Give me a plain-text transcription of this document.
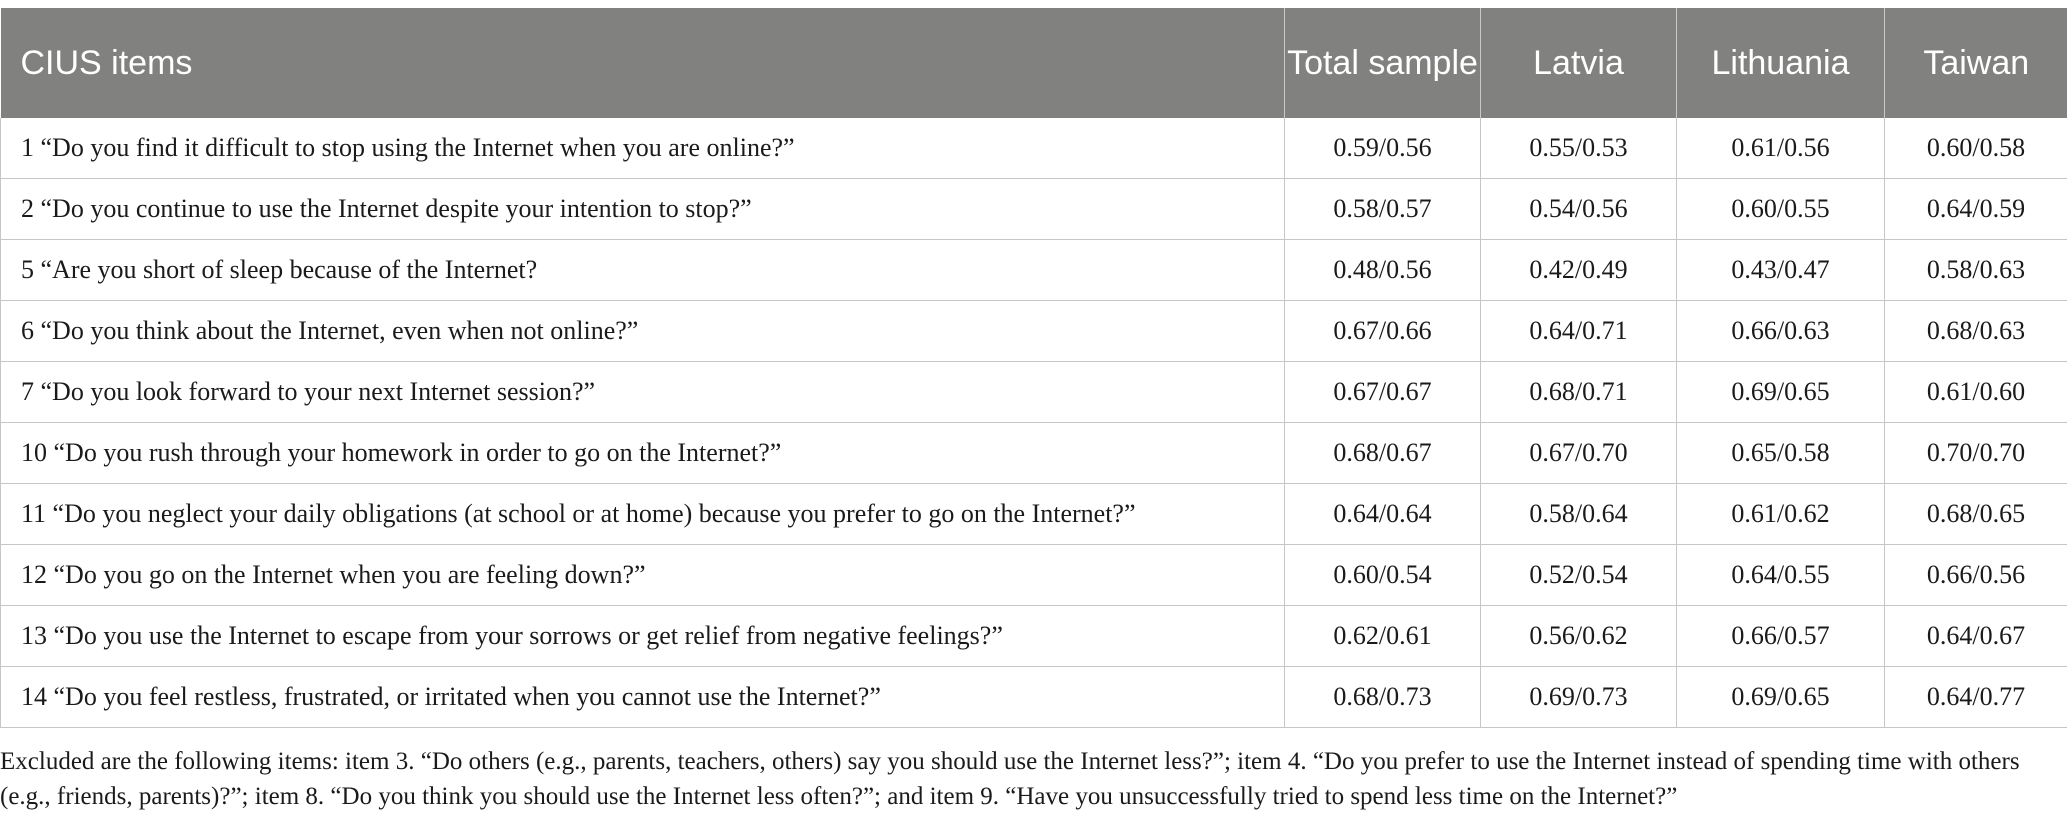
CIUS items	Total sample	Latvia	Lithuania	Taiwan
1 “Do you find it difficult to stop using the Internet when you are online?”	0.59/0.56	0.55/0.53	0.61/0.56	0.60/0.58
2 “Do you continue to use the Internet despite your intention to stop?”	0.58/0.57	0.54/0.56	0.60/0.55	0.64/0.59
5 “Are you short of sleep because of the Internet?	0.48/0.56	0.42/0.49	0.43/0.47	0.58/0.63
6 “Do you think about the Internet, even when not online?”	0.67/0.66	0.64/0.71	0.66/0.63	0.68/0.63
7 “Do you look forward to your next Internet session?”	0.67/0.67	0.68/0.71	0.69/0.65	0.61/0.60
10 “Do you rush through your homework in order to go on the Internet?”	0.68/0.67	0.67/0.70	0.65/0.58	0.70/0.70
11 “Do you neglect your daily obligations (at school or at home) because you prefer to go on the Internet?”	0.64/0.64	0.58/0.64	0.61/0.62	0.68/0.65
12 “Do you go on the Internet when you are feeling down?”	0.60/0.54	0.52/0.54	0.64/0.55	0.66/0.56
13 “Do you use the Internet to escape from your sorrows or get relief from negative feelings?”	0.62/0.61	0.56/0.62	0.66/0.57	0.64/0.67
14 “Do you feel restless, frustrated, or irritated when you cannot use the Internet?”	0.68/0.73	0.69/0.73	0.69/0.65	0.64/0.77
Excluded are the following items: item 3. “Do others (e.g., parents, teachers, others) say you should use the Internet less?”; item 4. “Do you prefer to use the Internet instead of spending time with others (e.g., friends, parents)?”; item 8. “Do you think you should use the Internet less often?”; and item 9. “Have you unsuccessfully tried to spend less time on the Internet?”
